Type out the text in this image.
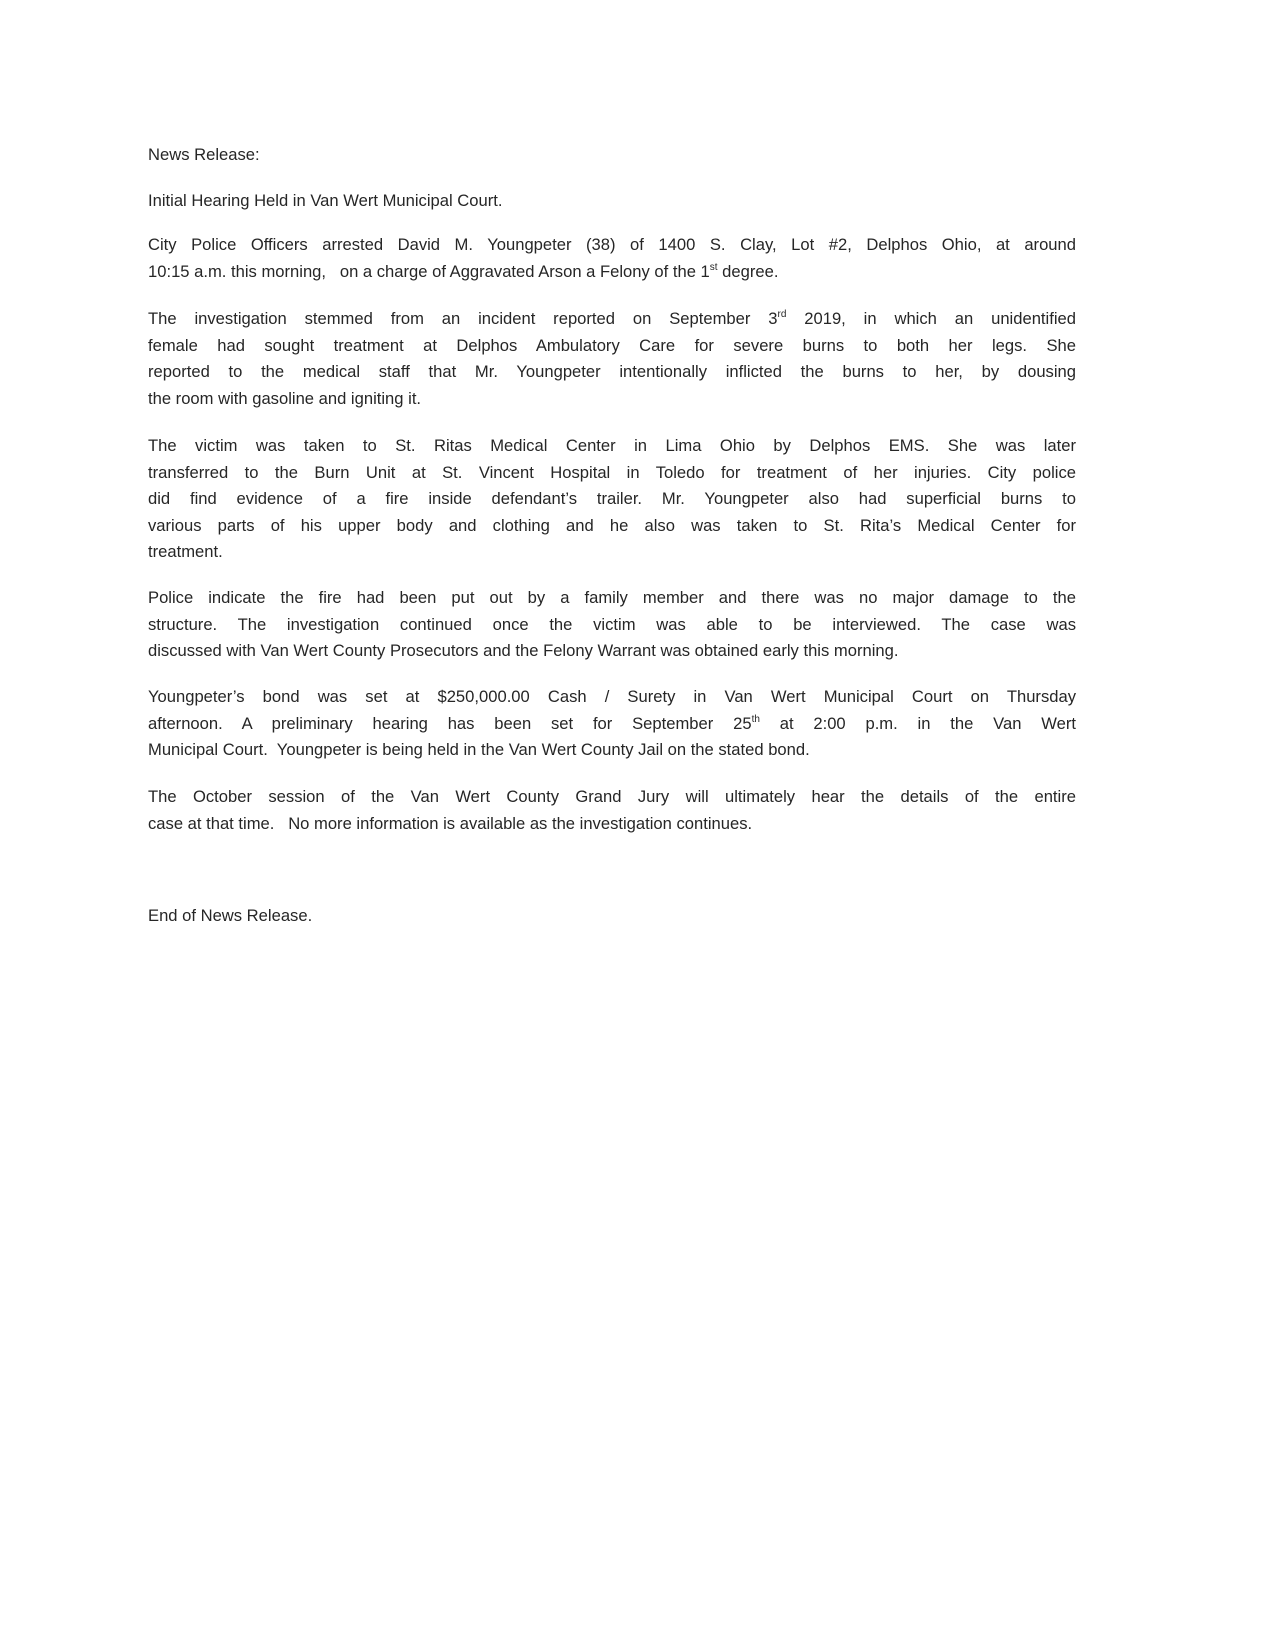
News Release:
Initial Hearing Held in Van Wert Municipal Court.
City Police Officers arrested David M. Youngpeter (38) of 1400 S. Clay, Lot #2, Delphos Ohio, at around
10:15 a.m. this morning,   on a charge of Aggravated Arson a Felony of the 1st degree.
The investigation stemmed from an incident reported on September 3rd 2019, in which an unidentified
female had sought treatment at Delphos Ambulatory Care for severe burns to both her legs. She
reported to the medical staff that Mr. Youngpeter intentionally inflicted the burns to her, by dousing
the room with gasoline and igniting it.
The victim was taken to St. Ritas Medical Center in Lima Ohio by Delphos EMS. She was later
transferred to the Burn Unit at St. Vincent Hospital in Toledo for treatment of her injuries. City police
did find evidence of a fire inside defendant’s trailer. Mr. Youngpeter also had superficial burns to
various parts of his upper body and clothing and he also was taken to St. Rita’s Medical Center for
treatment.
Police indicate the fire had been put out by a family member and there was no major damage to the
structure. The investigation continued once the victim was able to be interviewed. The case was
discussed with Van Wert County Prosecutors and the Felony Warrant was obtained early this morning.
Youngpeter’s bond was set at $250,000.00 Cash / Surety in Van Wert Municipal Court on Thursday
afternoon. A preliminary hearing has been set for September 25th at 2:00 p.m. in the Van Wert
Municipal Court.  Youngpeter is being held in the Van Wert County Jail on the stated bond.
The October session of the Van Wert County Grand Jury will ultimately hear the details of the entire
case at that time.   No more information is available as the investigation continues.
End of News Release.
